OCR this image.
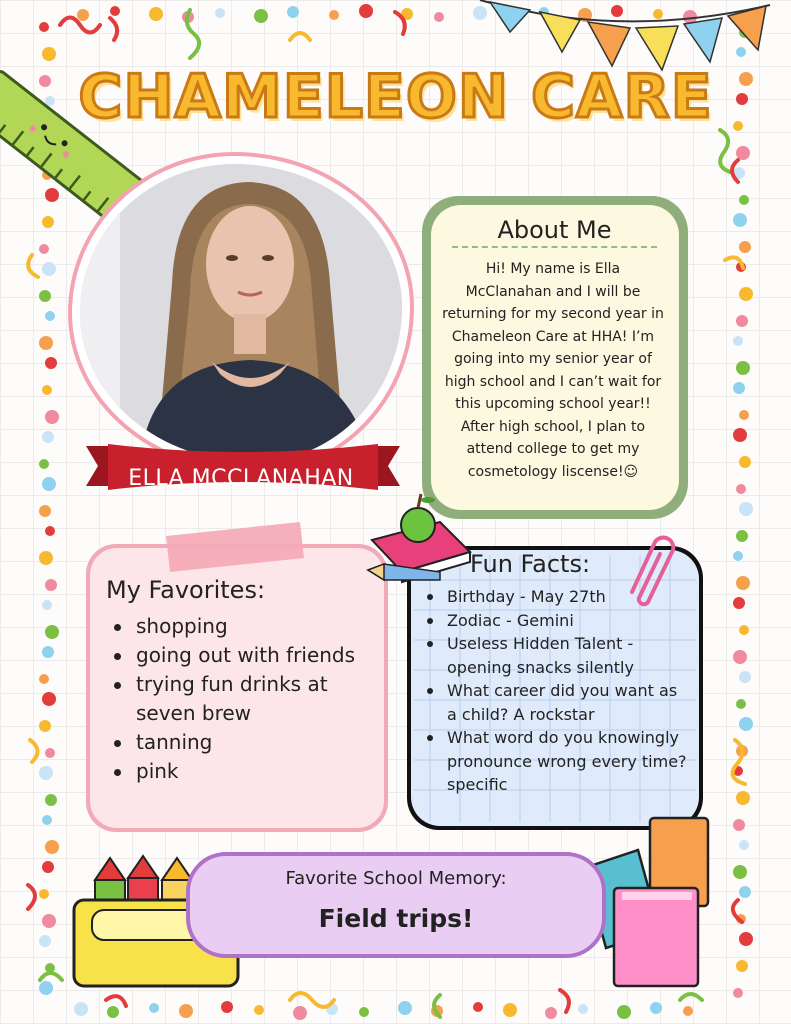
CHAMELEON CARE
ELLA MCCLANAHAN
About Me

Hi! My name is Ella McClanahan and I will be returning for my second year in Chameleon Care at HHA! I’m going into my senior year of high school and I can’t wait for this upcoming school year!! After high school, I plan to attend college to get my cosmetology liscense!☺

My Favorites:
shopping
going out with friends
trying fun drinks at seven brew
tanning
pink
Fun Facts:
Birthday - May 27th
Zodiac - Gemini
Useless Hidden Talent - opening snacks silently
What career did you want as a child? A rockstar
What word do you knowingly pronounce wrong every time? specific
Favorite School Memory:
Field trips!
